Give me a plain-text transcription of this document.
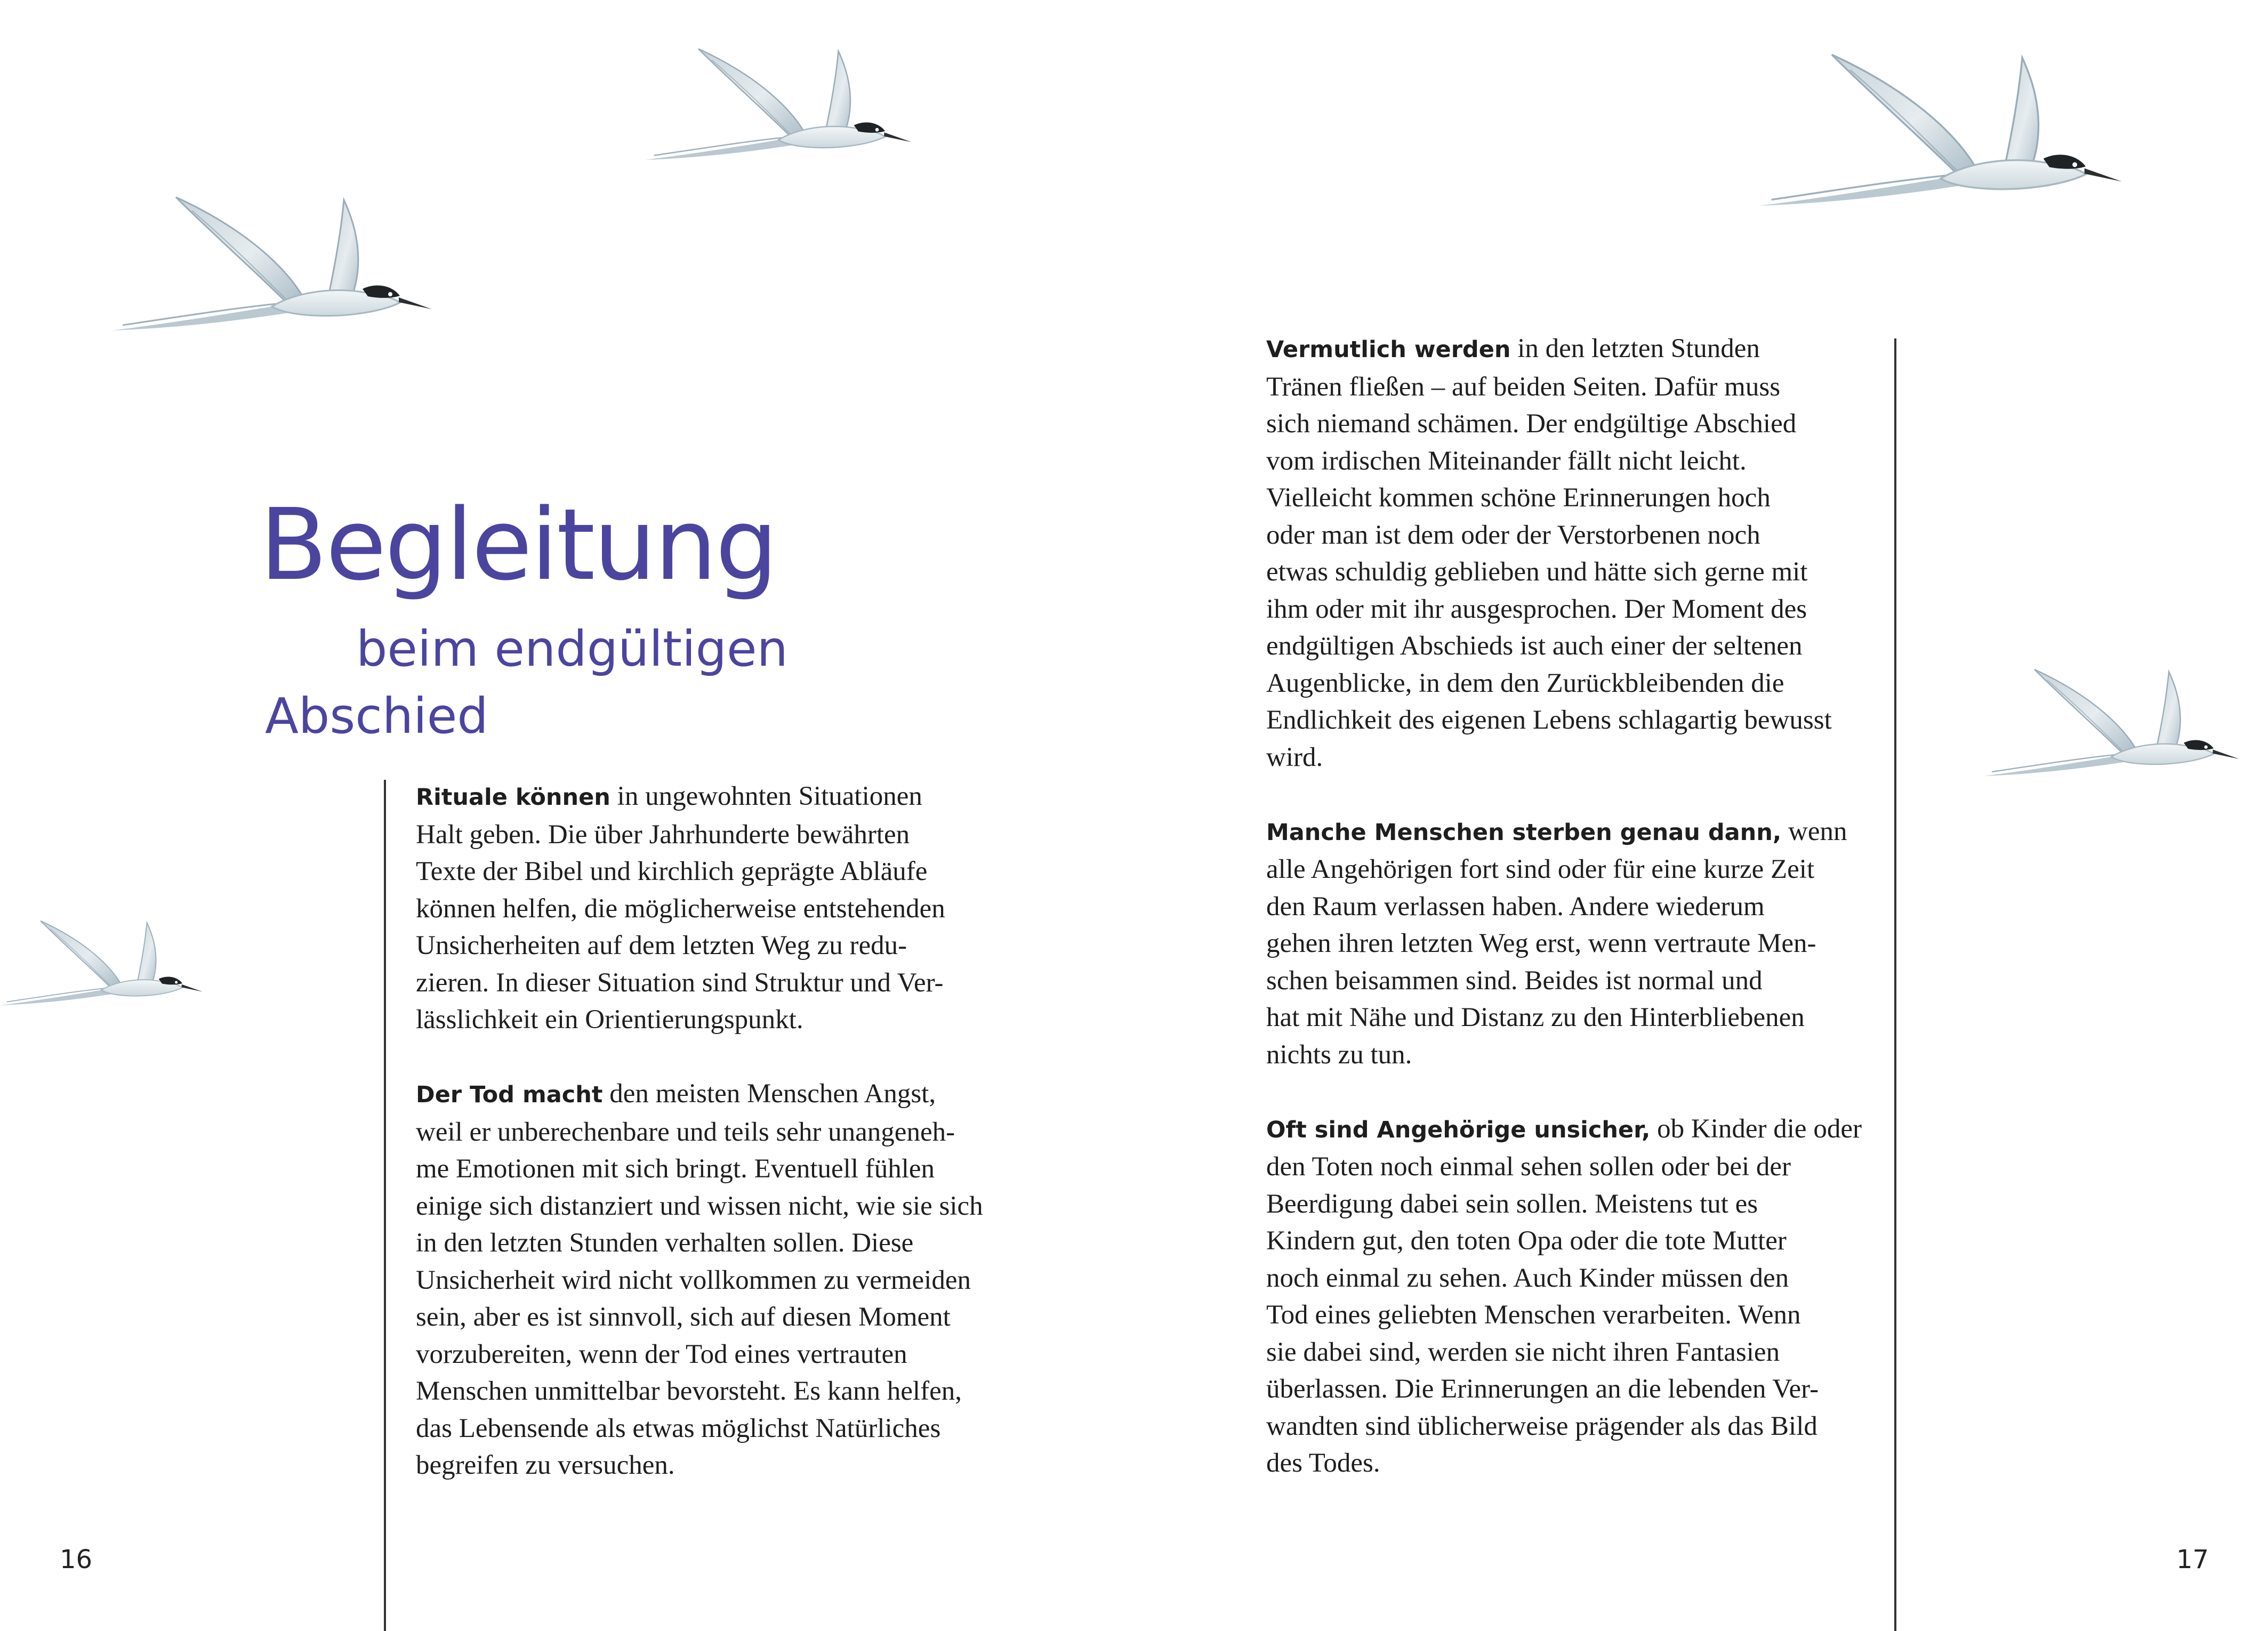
Begleitung
beim endgültigen
Abschied

Rituale können in ungewohnten Situationen
Halt geben. Die über Jahrhunderte bewährten
Texte der Bibel und kirchlich geprägte Abläufe
können helfen, die möglicherweise entstehenden
Unsicherheiten auf dem letzten Weg zu redu-
zieren. In dieser Situation sind Struktur und Ver-
lässlichkeit ein Orientierungspunkt.

Der Tod macht den meisten Menschen Angst,
weil er unberechenbare und teils sehr unangeneh-
me Emotionen mit sich bringt. Eventuell fühlen
einige sich distanziert und wissen nicht, wie sie sich
in den letzten Stunden verhalten sollen. Diese
Unsicherheit wird nicht vollkommen zu vermeiden
sein, aber es ist sinnvoll, sich auf diesen Moment
vorzubereiten, wenn der Tod eines vertrauten
Menschen unmittelbar bevorsteht. Es kann helfen,
das Lebensende als etwas möglichst Natürliches
begreifen zu versuchen.

Vermutlich werden in den letzten Stunden
Tränen fließen – auf beiden Seiten. Dafür muss
sich niemand schämen. Der endgültige Abschied
vom irdischen Miteinander fällt nicht leicht.
Vielleicht kommen schöne Erinnerungen hoch
oder man ist dem oder der Verstorbenen noch
etwas schuldig geblieben und hätte sich gerne mit
ihm oder mit ihr ausgesprochen. Der Moment des
endgültigen Abschieds ist auch einer der seltenen
Augenblicke, in dem den Zurückbleibenden die
Endlichkeit des eigenen Lebens schlagartig bewusst
wird.

Manche Menschen sterben genau dann, wenn
alle Angehörigen fort sind oder für eine kurze Zeit
den Raum verlassen haben. Andere wiederum
gehen ihren letzten Weg erst, wenn vertraute Men-
schen beisammen sind. Beides ist normal und
hat mit Nähe und Distanz zu den Hinterbliebenen
nichts zu tun.

Oft sind Angehörige unsicher, ob Kinder die oder
den Toten noch einmal sehen sollen oder bei der
Beerdigung dabei sein sollen. Meistens tut es
Kindern gut, den toten Opa oder die tote Mutter
noch einmal zu sehen. Auch Kinder müssen den
Tod eines geliebten Menschen verarbeiten. Wenn
sie dabei sind, werden sie nicht ihren Fantasien
überlassen. Die Erinnerungen an die lebenden Ver-
wandten sind üblicherweise prägender als das Bild
des Todes.

16	17
